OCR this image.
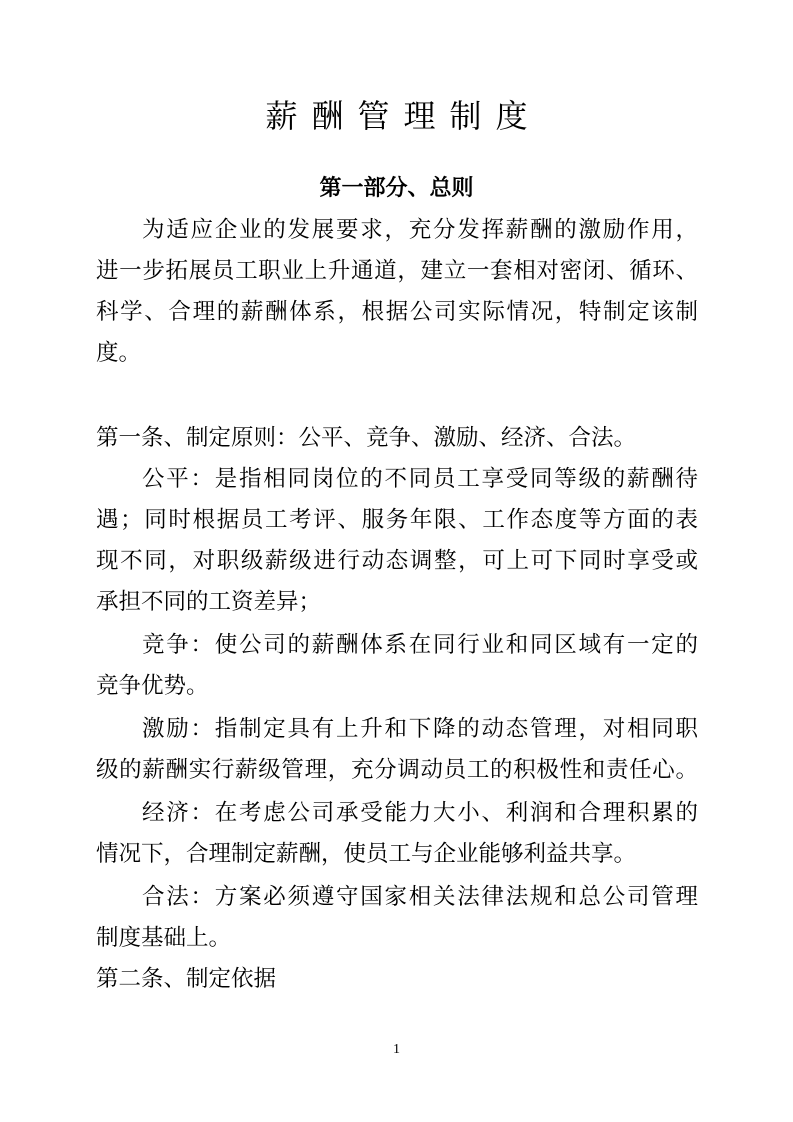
薪酬管理制度
第一部分、总则
为适应企业的发展要求，充分发挥薪酬的激励作用，
进一步拓展员工职业上升通道，建立一套相对密闭、循环、
科学、合理的薪酬体系，根据公司实际情况，特制定该制
度。
第一条、制定原则：公平、竞争、激励、经济、合法。
公平：是指相同岗位的不同员工享受同等级的薪酬待
遇；同时根据员工考评、服务年限、工作态度等方面的表
现不同，对职级薪级进行动态调整，可上可下同时享受或
承担不同的工资差异；
竞争：使公司的薪酬体系在同行业和同区域有一定的
竞争优势。
激励：指制定具有上升和下降的动态管理，对相同职
级的薪酬实行薪级管理，充分调动员工的积极性和责任心。
经济：在考虑公司承受能力大小、利润和合理积累的
情况下，合理制定薪酬，使员工与企业能够利益共享。
合法：方案必须遵守国家相关法律法规和总公司管理
制度基础上。
第二条、制定依据
1
